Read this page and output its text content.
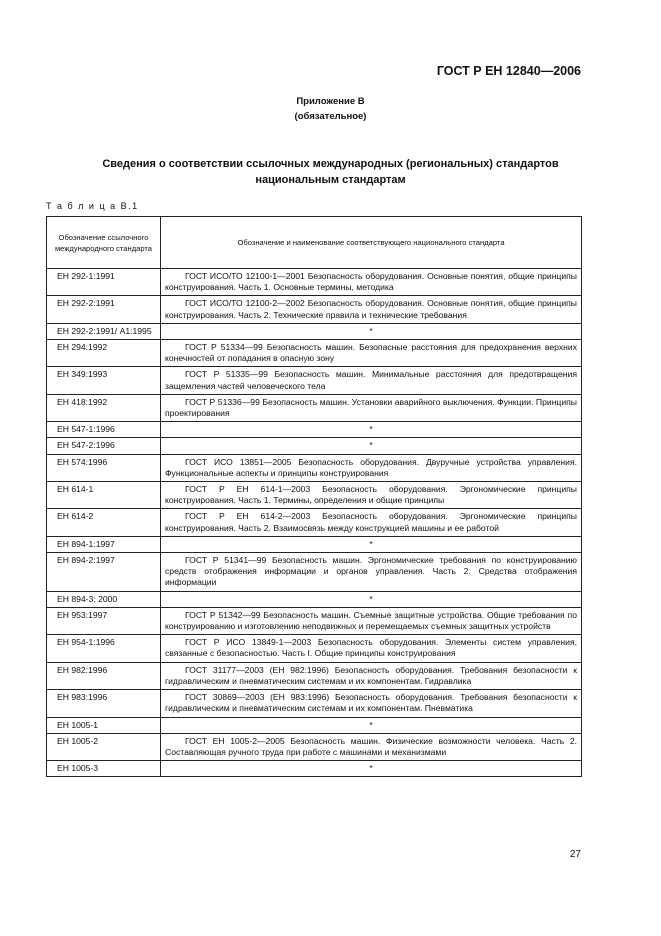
ГОСТ Р ЕН 12840—2006
Приложение В
(обязательное)
Сведения о соответствии ссылочных международных (региональных) стандартов
национальным стандартам
Т а б л и ц а В.1
Обозначение ссылочного международного стандарта	Обозначение и наименование соответствующего национального стандарта
ЕН 292-1:1991	ГОСТ ИСО/ТО 12100-1—2001 Безопасность оборудования. Основные понятия, общие принципы конструирования. Часть 1. Основные термины, методика

ЕН 292-2:1991	ГОСТ ИСО/ТО 12100-2—2002 Безопасность оборудования. Основные понятия, общие принципы конструирования. Часть 2. Технические правила и технические требования

ЕН 292-2:1991/ A1:1995	*
ЕН 294:1992	ГОСТ Р 51334—99 Безопасность машин. Безопасные расстояния для предохранения верхних конечностей от попадания в опасную зону

ЕН 349:1993	ГОСТ Р 51335—99 Безопасность машин. Минимальные расстояния для предотвращения защемления частей человеческого тела

ЕН 418:1992	ГОСТ Р 51336—99 Безопасность машин. Установки аварийного выключения. Функции. Принципы проектирования

ЕН 547-1:1996	*
ЕН 547-2:1996	*
ЕН 574:1996	ГОСТ ИСО 13851—2005 Безопасность оборудования. Двуручные устройства управления. Функциональные аспекты и принципы конструирования

ЕН 614-1	ГОСТ Р ЕН 614-1—2003 Безопасность оборудования. Эргономические принципы конструирования. Часть 1. Термины, определения и общие принципы

ЕН 614-2	ГОСТ Р ЕН 614-2—2003 Безопасность оборудования. Эргономические принципы конструирования. Часть 2. Взаимосвязь между конструкцией машины и ее работой

ЕН 894-1:1997	*
ЕН 894-2:1997	ГОСТ Р 51341—99 Безопасность машин. Эргономические требования по конструированию средств отображения информации и органов управления. Часть 2. Средства отображения информации

ЕН 894-3: 2000	*
ЕН 953:1997	ГОСТ Р 51342—99 Безопасность машин. Съемные защитные устройства. Общие требования по конструированию и изготовлению неподвижных и перемещаемых съемных защитных устройств

ЕН 954-1:1996	ГОСТ Р ИСО 13849-1—2003 Безопасность оборудования. Элементы систем управления, связанные с безопасностью. Часть I. Общие принципы конструирования

ЕН 982:1996	ГОСТ 31177—2003 (ЕН 982:1996) Безопасность оборудования. Требования безопасности к гидравлическим и пневматическим системам и их компонентам. Гидравлика

ЕН 983:1996	ГОСТ 30869—2003 (ЕН 983:1996) Безопасность оборудования. Требования безопасности к гидравлическим и пневматическим системам и их компонентам. Пневматика

ЕН 1005-1	*
ЕН 1005-2	ГОСТ ЕН 1005-2—2005 Безопасность машин. Физические возможности человека. Часть 2. Составляющая ручного труда при работе с машинами и механизмами

ЕН 1005-3	*
27
